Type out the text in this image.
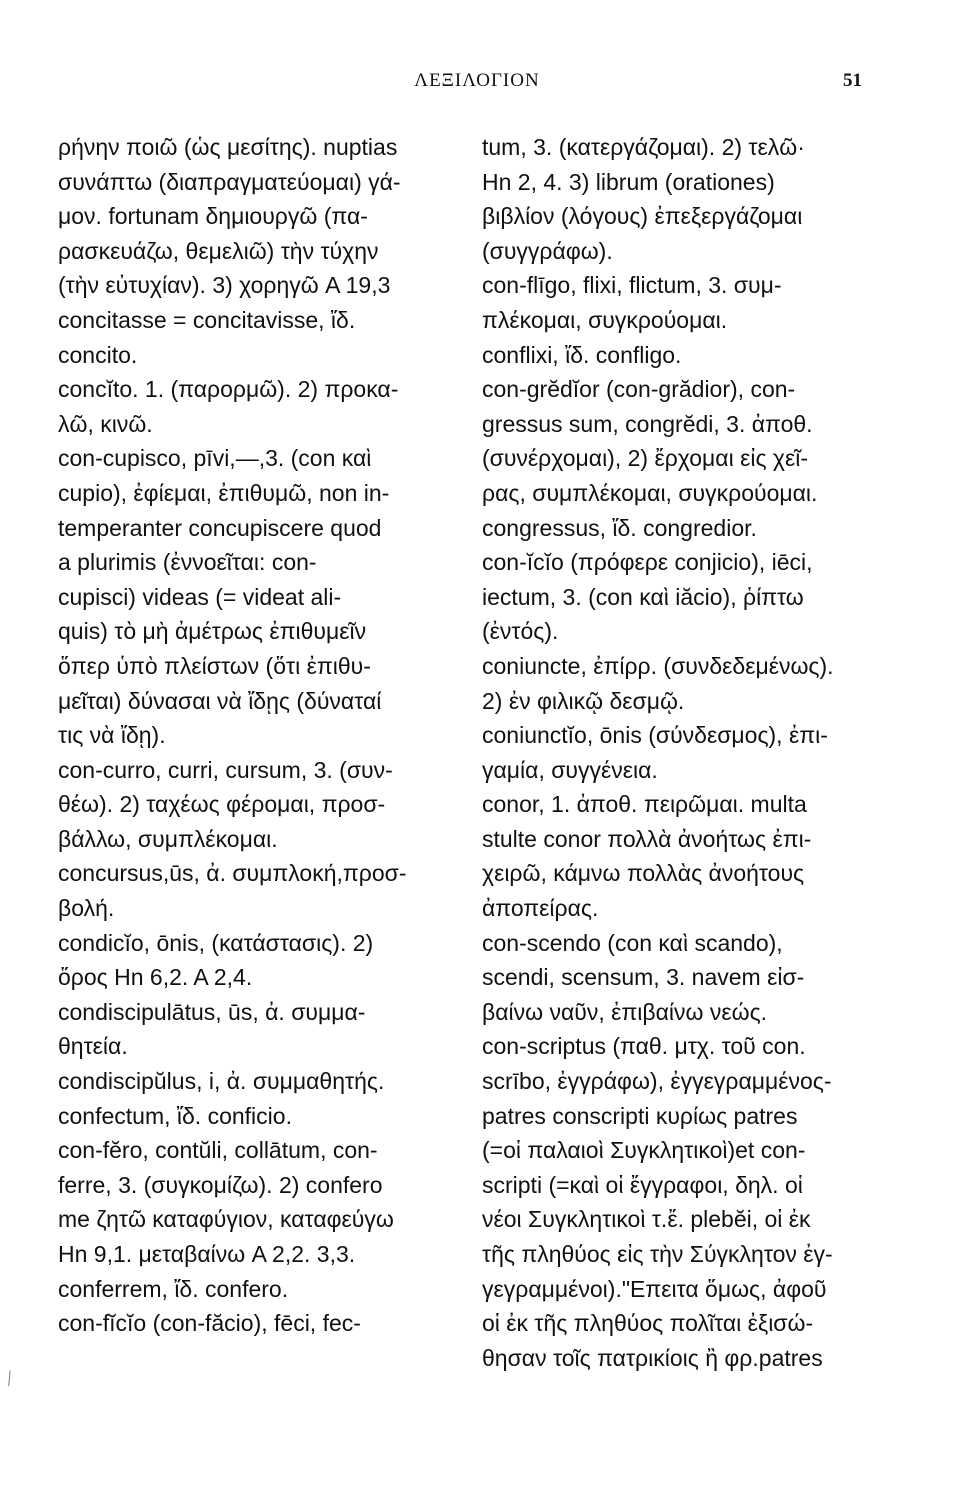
ΛΕΞΙΛΟΓΙΟΝ	51
ρήνην ποιῶ (ὡς μεσίτης). nuptias
συνάπτω (διαπραγματεύομαι) γά-
μον. fortunam δημιουργῶ (πα-
ρασκευάζω, θεμελιῶ) τὴν τύχην
(τὴν εὐτυχίαν). 3) χορηγῶ A 19,3
concitasse = concitavisse, ἴδ.
concito.
concĭto. 1. (παρορμῶ). 2) προκα-
λῶ, κινῶ.
con-cupisco, pīvi,—,3. (con καὶ
cupio), ἐφίεμαι, ἐπιθυμῶ, non in-
temperanter concupiscere quod
a plurimis (ἐννοεῖται: con-
cupisci) videas (= videat ali-
quis) τὸ μὴ ἀμέτρως ἐπιθυμεῖν
ὅπερ ὑπὸ πλείστων (ὅτι ἐπιθυ-
μεῖται) δύνασαι νὰ ἴδῃς (δύναταί
τις νὰ ἴδῃ).
con-curro, curri, cursum, 3. (συν-
θέω). 2) ταχέως φέρομαι, προσ-
βάλλω, συμπλέκομαι.
concursus,ūs, ἀ. συμπλοκή,προσ-
βολή.
condicĭo, ōnis, (κατάστασις). 2)
ὅρος Hn 6,2. A 2,4.
condiscipulātus, ūs, ἀ. συμμα-
θητεία.
condiscipŭlus, i, ἀ. συμμαθητής.
confectum, ἴδ. conficio.
con-fĕro, contŭli, collātum, con-
ferre, 3. (συγκομίζω). 2) confero
me ζητῶ καταφύγιον, καταφεύγω
Hn 9,1. μεταβαίνω A 2,2. 3,3.
conferrem, ἴδ. confero.
con-fĭcĭo (con-făcio), fēci, fec-
tum, 3. (κατεργάζομαι). 2) τελῶ·
Hn 2, 4. 3) librum (orationes)
βιβλίον (λόγους) ἐπεξεργάζομαι
(συγγράφω).
con-flīgo, flixi, flictum, 3. συμ-
πλέκομαι, συγκρούομαι.
conflixi, ἴδ. confligo.
con-grĕdĭor (con-grădior), con-
gressus sum, congrĕdi, 3. ἀποθ.
(συνέρχομαι), 2) ἔρχομαι εἰς χεῖ-
ρας, συμπλέκομαι, συγκρούομαι.
congressus, ἴδ. congredior.
con-ĭcĭo (πρόφερε conjicio), iēci,
iectum, 3. (con καὶ iăcio), ῥίπτω
(ἐντός).
coniuncte, ἐπίρρ. (συνδεδεμένως).
2) ἐν φιλικῷ δεσμῷ.
coniunctĭo, ōnis (σύνδεσμος), ἐπι-
γαμία, συγγένεια.
conor, 1. ἀποθ. πειρῶμαι. multa
stulte conor πολλὰ ἀνοήτως ἐπι-
χειρῶ, κάμνω πολλὰς ἀνοήτους
ἀποπείρας.
con-scendo (con καὶ scando),
scendi, scensum, 3. navem εἰσ-
βαίνω ναῦν, ἐπιβαίνω νεώς.
con-scriptus (παθ. μτχ. τοῦ con.
scrībo, ἐγγράφω), ἐγγεγραμμένος-
patres conscripti κυρίως patres
(=οἱ παλαιοὶ Συγκλητικοὶ)et con-
scripti (=καὶ οἱ ἔγγραφοι, δηλ. οἱ
νέοι Συγκλητικοὶ τ.ἔ. plebĕi, οἱ ἐκ
τῆς πληθύος εἰς τὴν Σύγκλητον ἐγ-
γεγραμμένοι)."Επειτα ὅμως, ἀφοῦ
οἱ ἐκ τῆς πληθύος πολῖται ἐξισώ-
θησαν τοῖς πατρικίοις ἢ φρ.patres
⟋
